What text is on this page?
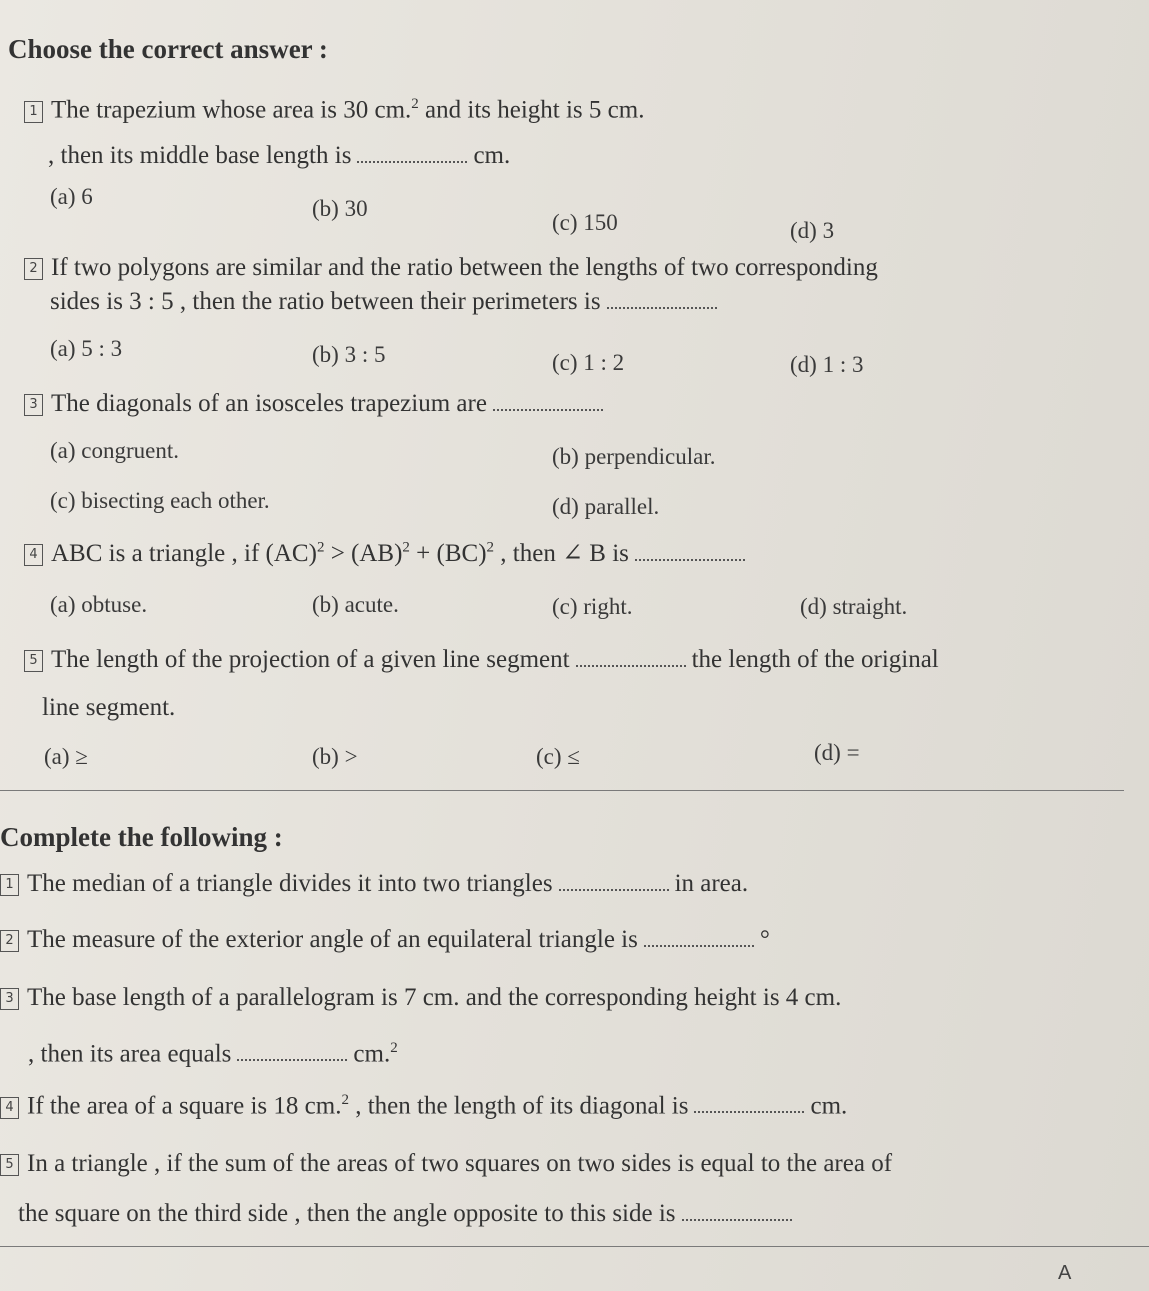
Choose the correct answer :
1 The trapezium whose area is 30 cm.$^2$ and its height is 5 cm.
, then its middle base length is	cm.
(a) 6	(b) 30
(c) 150	(d) 3
2 If two polygons are similar and the ratio between the lengths of two corresponding
sides is 3 : 5 , then the ratio between their perimeters is
(a) 5 : 3	(b) 3 : 5	(c) 1 : 2	(d) 1 : 3
3 The diagonals of an isosceles trapezium are
(a) congruent.	(b) perpendicular.
(c) bisecting each other.	(d) parallel.
4 ABC is a triangle , if (AC)$^2$ > (AB)$^2$ + (BC)$^2$ , then ∠ B is
(a) obtuse.	(b) acute.	(c) right.	(d) straight.
5 The length of the projection of a given line segment	the length of the original
line segment.
(a) ≥	(b) >	(c) ≤	(d) =
Complete the following :
1 The median of a triangle divides it into two triangles	in area.
2 The measure of the exterior angle of an equilateral triangle is	°
3 The base length of a parallelogram is 7 cm. and the corresponding height is 4 cm.
, then its area equals	cm.$^2$
4 If the area of a square is 18 cm.$^2$ , then the length of its diagonal is	cm.
5 In a triangle , if the sum of the areas of two squares on two sides is equal to the area of
the square on the third side , then the angle opposite to this side is
A
